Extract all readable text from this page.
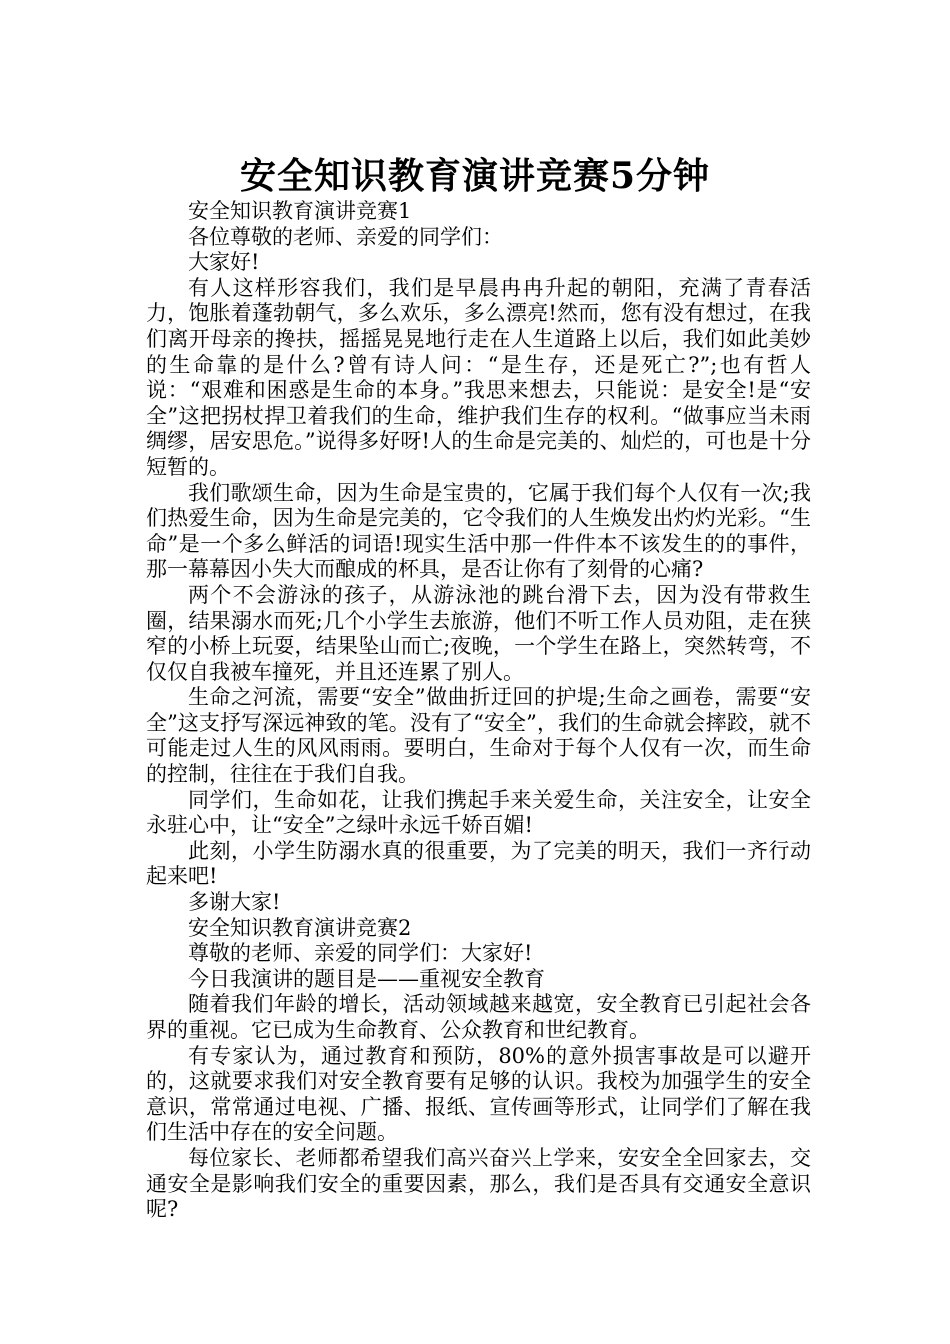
安全知识教育演讲竞赛5分钟

安全知识教育演讲竞赛1

各位尊敬的老师、亲爱的同学们：

大家好!

有人这样形容我们，我们是早晨冉冉升起的朝阳，充满了青春活力，饱胀着蓬勃朝气，多么欢乐，多么漂亮!然而，您有没有想过，在我们离开母亲的搀扶，摇摇晃晃地行走在人生道路上以后，我们如此美妙的生命靠的是什么?曾有诗人问：“是生存，还是死亡?”;也有哲人说：“艰难和困惑是生命的本身。”我思来想去，只能说：是安全!是“安全”这把拐杖捍卫着我们的生命，维护我们生存的权利。“做事应当未雨绸缪，居安思危。”说得多好呀!人的生命是完美的、灿烂的，可也是十分短暂的。

我们歌颂生命，因为生命是宝贵的，它属于我们每个人仅有一次;我们热爱生命，因为生命是完美的，它令我们的人生焕发出灼灼光彩。“生命”是一个多么鲜活的词语!现实生活中那一件件本不该发生的的事件，那一幕幕因小失大而酿成的杯具，是否让你有了刻骨的心痛?

两个不会游泳的孩子，从游泳池的跳台滑下去，因为没有带救生圈，结果溺水而死;几个小学生去旅游，他们不听工作人员劝阻，走在狭窄的小桥上玩耍，结果坠山而亡;夜晚，一个学生在路上，突然转弯，不仅仅自我被车撞死，并且还连累了别人。

生命之河流，需要“安全”做曲折迂回的护堤;生命之画卷，需要“安全”这支抒写深远神致的笔。没有了“安全”，我们的生命就会摔跤，就不可能走过人生的风风雨雨。要明白，生命对于每个人仅有一次，而生命的控制，往往在于我们自我。

同学们，生命如花，让我们携起手来关爱生命，关注安全，让安全永驻心中，让“安全”之绿叶永远千娇百媚!

此刻，小学生防溺水真的很重要，为了完美的明天，我们一齐行动起来吧!

多谢大家!

安全知识教育演讲竞赛2

尊敬的老师、亲爱的同学们：大家好!

今日我演讲的题目是——重视安全教育

随着我们年龄的增长，活动领域越来越宽，安全教育已引起社会各界的重视。它已成为生命教育、公众教育和世纪教育。

有专家认为，通过教育和预防，80%的意外损害事故是可以避开的，这就要求我们对安全教育要有足够的认识。我校为加强学生的安全意识，常常通过电视、广播、报纸、宣传画等形式，让同学们了解在我们生活中存在的安全问题。

每位家长、老师都希望我们高兴奋兴上学来，安安全全回家去，交通安全是影响我们安全的重要因素，那么，我们是否具有交通安全意识呢?
